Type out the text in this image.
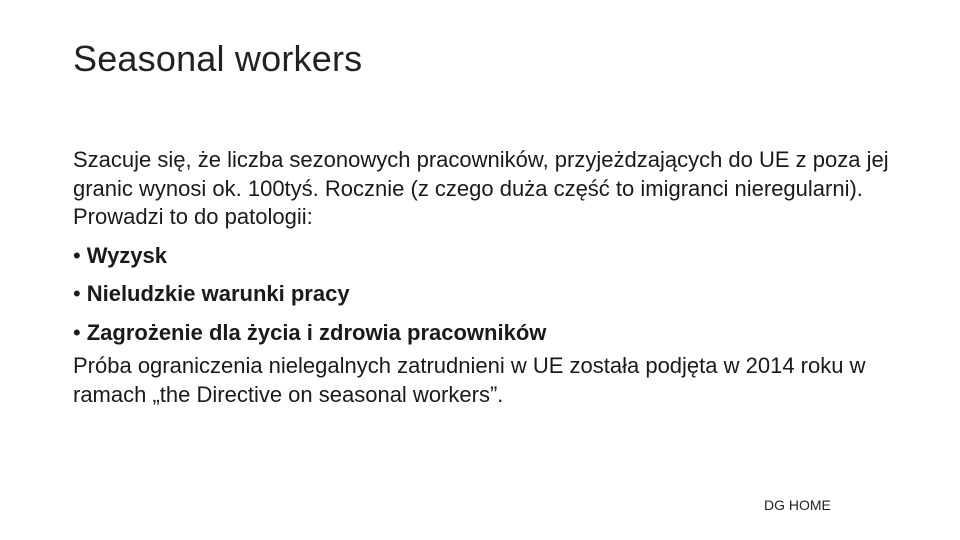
Seasonal workers

Szacuje się, że liczba sezonowych pracowników, przyjeżdzających do UE z poza jej granic wynosi ok. 100tyś. Rocznie (z czego duża część to imigranci nieregularni). Prowadzi to do patologii:

• Wyzysk
• Nieludzkie warunki pracy
• Zagrożenie dla życia i zdrowia pracowników

Próba ograniczenia nielegalnych zatrudnieni w UE została podjęta w 2014 roku w ramach „the Directive on seasonal workers”.

DG HOME
